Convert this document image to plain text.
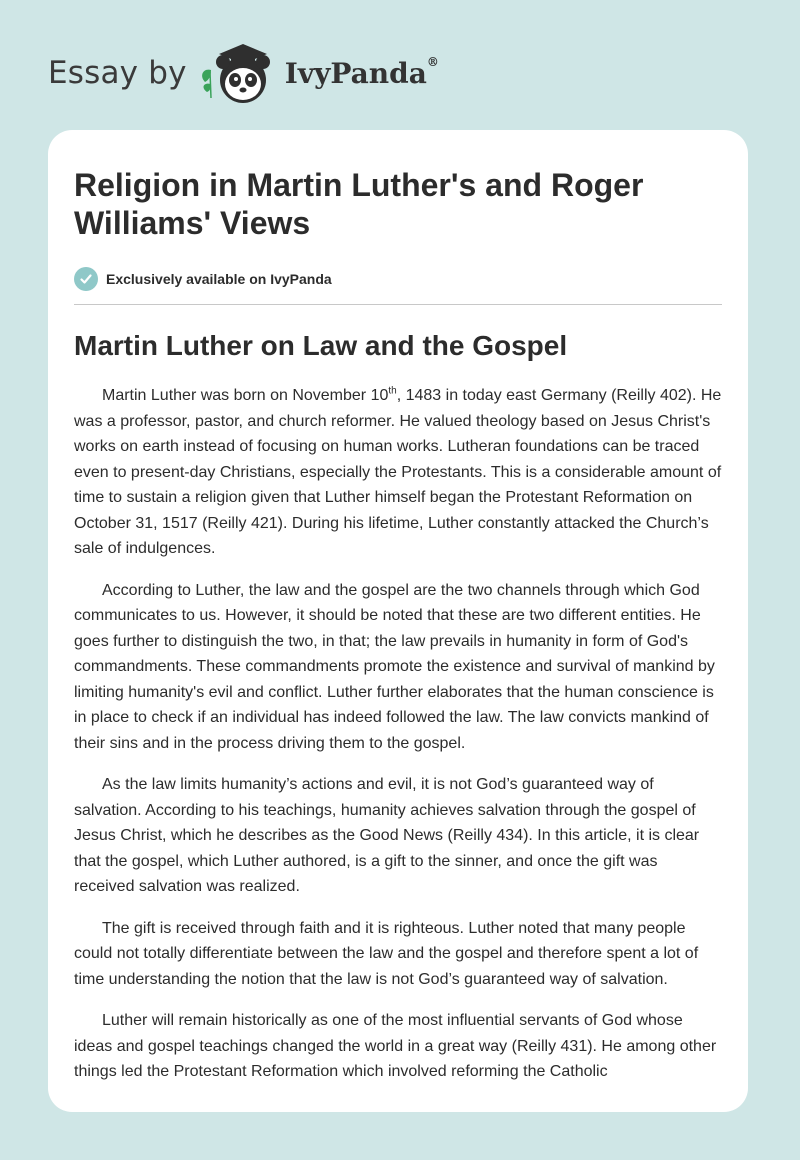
Essay by	IvyPanda®
Religion in Martin Luther's and Roger Williams' Views
Exclusively available on IvyPanda
Martin Luther on Law and the Gospel

Martin Luther was born on November 10th, 1483 in today east Germany (Reilly 402). He was a professor, pastor, and church reformer. He valued theology based on Jesus Christ's works on earth instead of focusing on human works. Lutheran foundations can be traced even to present-day Christians, especially the Protestants. This is a considerable amount of time to sustain a religion given that Luther himself began the Protestant Reformation on October 31, 1517 (Reilly 421). During his lifetime, Luther constantly attacked the Church’s sale of indulgences.

According to Luther, the law and the gospel are the two channels through which God communicates to us. However, it should be noted that these are two different entities. He goes further to distinguish the two, in that; the law prevails in humanity in form of God's commandments. These commandments promote the existence and survival of mankind by limiting humanity's evil and conflict. Luther further elaborates that the human conscience is in place to check if an individual has indeed followed the law. The law convicts mankind of their sins and in the process driving them to the gospel.

As the law limits humanity’s actions and evil, it is not God’s guaranteed way of salvation. According to his teachings, humanity achieves salvation through the gospel of Jesus Christ, which he describes as the Good News (Reilly 434). In this article, it is clear that the gospel, which Luther authored, is a gift to the sinner, and once the gift was received salvation was realized.

The gift is received through faith and it is righteous. Luther noted that many people could not totally differentiate between the law and the gospel and therefore spent a lot of time understanding the notion that the law is not God’s guaranteed way of salvation.

Luther will remain historically as one of the most influential servants of God whose ideas and gospel teachings changed the world in a great way (Reilly 431). He among other things led the Protestant Reformation which involved reforming the Catholic
